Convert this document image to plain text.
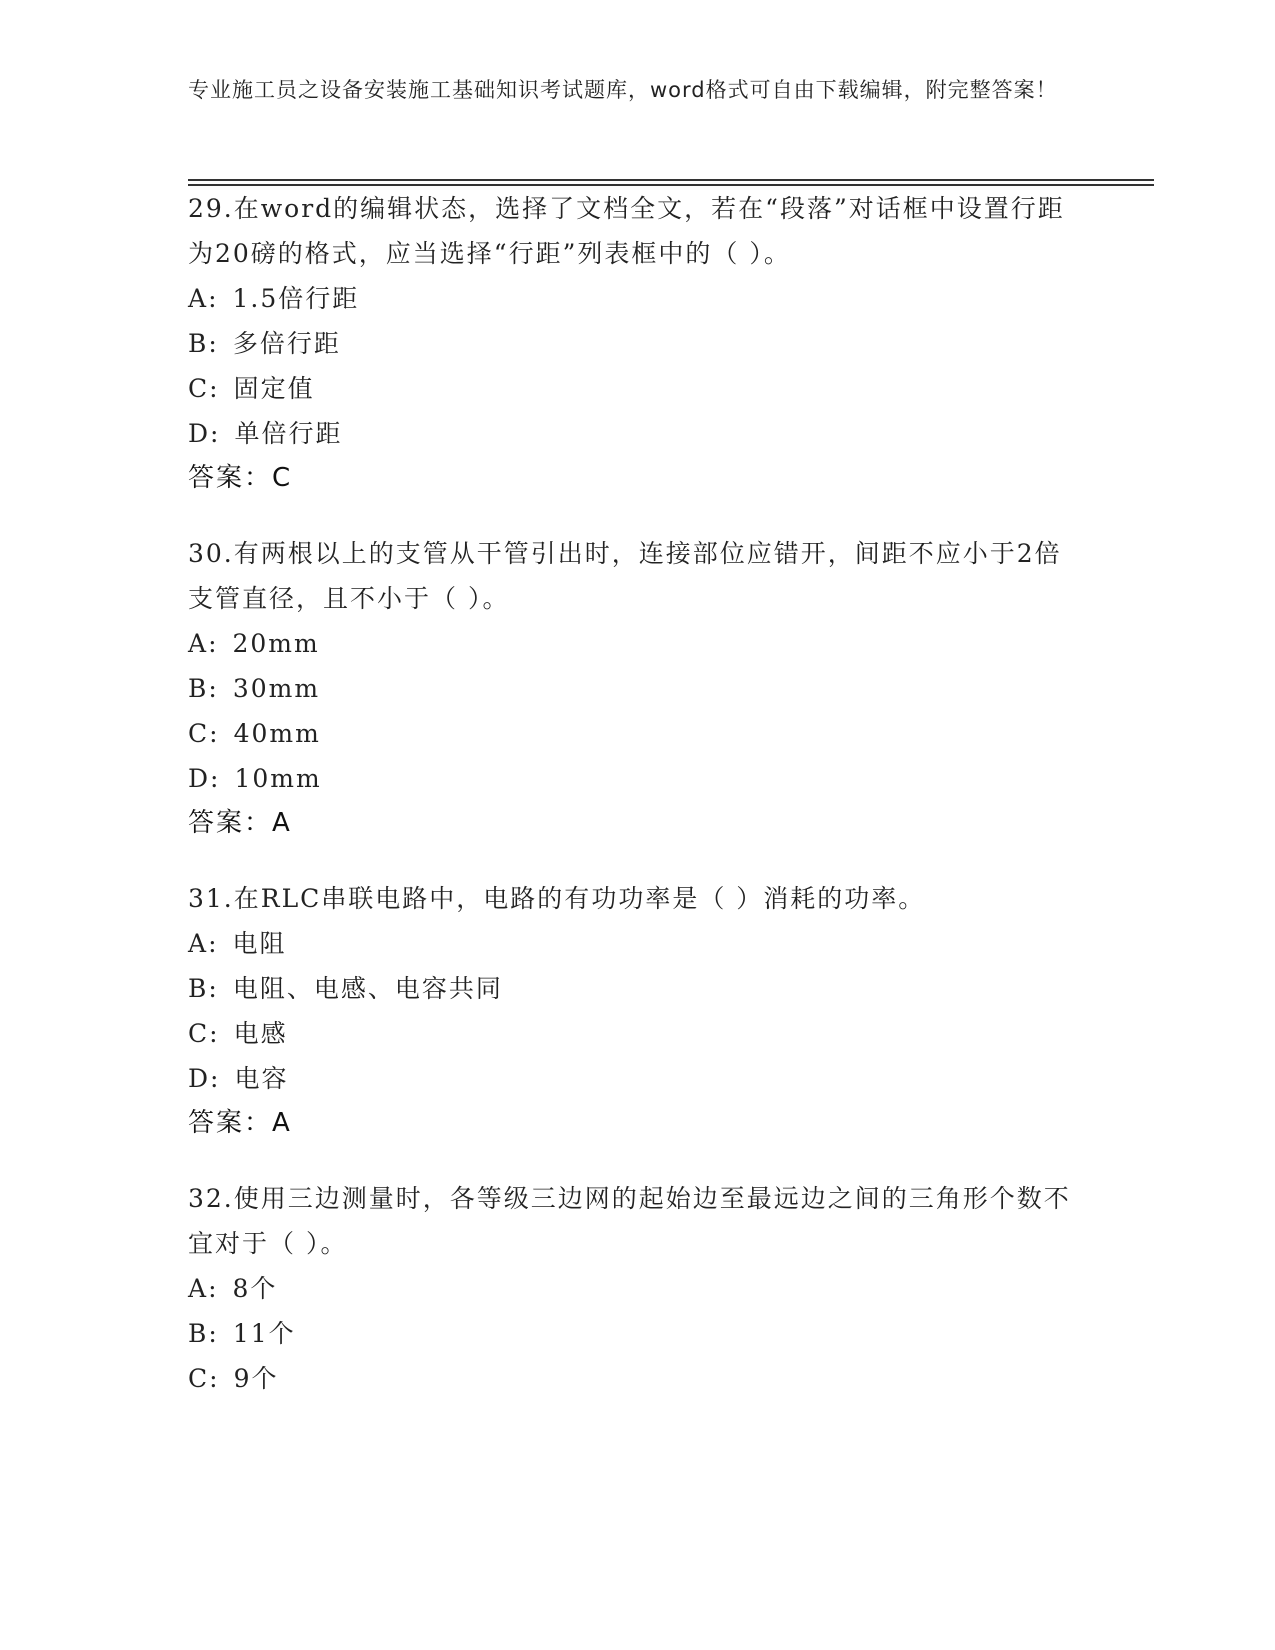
专业施工员之设备安装施工基础知识考试题库，word格式可自由下载编辑，附完整答案！
29.在word的编辑状态，选择了文档全文，若在“段落”对话框中设置行距为20磅的格式，应当选择“行距”列表框中的（ ）。
A: 1.5倍行距
B: 多倍行距
C: 固定值
D: 单倍行距
答案：C
30.有两根以上的支管从干管引出时，连接部位应错开，间距不应小于2倍支管直径，且不小于（ ）。
A: 20mm
B: 30mm
C: 40mm
D: 10mm
答案：A
31.在RLC串联电路中，电路的有功功率是（ ）消耗的功率。
A: 电阻
B: 电阻、电感、电容共同
C: 电感
D: 电容
答案：A
32.使用三边测量时，各等级三边网的起始边至最远边之间的三角形个数不宜对于（ ）。
A: 8个
B: 11个
C: 9个
